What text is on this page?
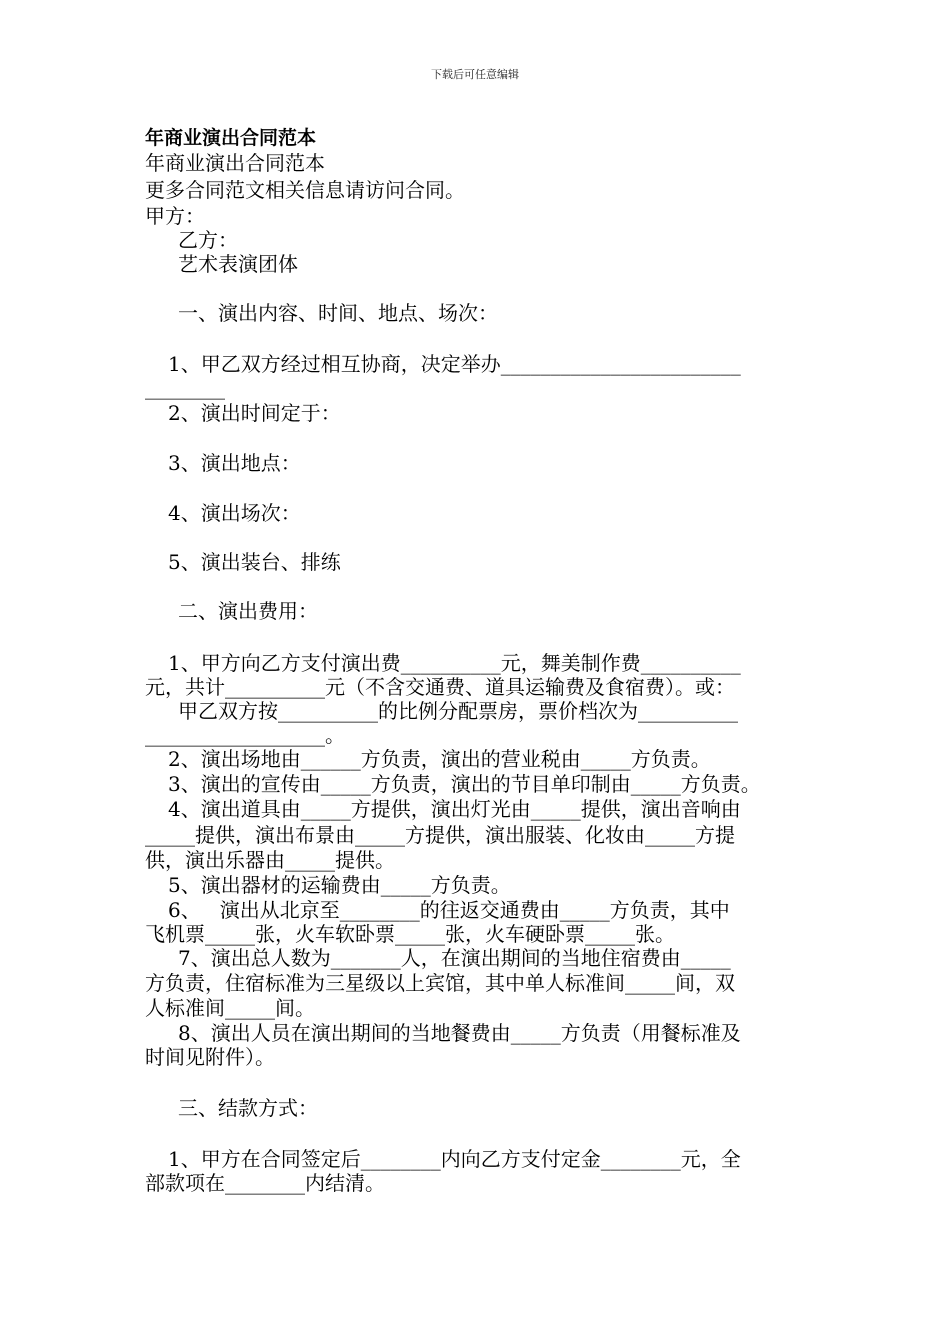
下载后可任意编辑
年商业演出合同范本
年商业演出合同范本
更多合同范文相关信息请访问合同。
甲方：
乙方：
艺术表演团体
一、演出内容、时间、地点、场次：
1、甲乙双方经过相互协商，决定举办________________________
________
2、演出时间定于：
3、演出地点：
4、演出场次：
5、演出装台、排练
二、演出费用：
1、甲方向乙方支付演出费__________元，舞美制作费__________
元，共计__________元（不含交通费、道具运输费及食宿费）。或：
甲乙双方按__________的比例分配票房，票价档次为__________
__________________。
2、演出场地由______方负责，演出的营业税由_____方负责。
3、演出的宣传由_____方负责，演出的节目单印制由_____方负责。
4、演出道具由_____方提供，演出灯光由_____提供，演出音响由
_____提供，演出布景由_____方提供，演出服装、化妆由_____方提
供，演出乐器由_____提供。
5、演出器材的运输费由_____方负责。
6、   演出从北京至________的往返交通费由_____方负责，其中
飞机票_____张，火车软卧票_____张，火车硬卧票_____张。
7、演出总人数为_______人，在演出期间的当地住宿费由_____
方负责，住宿标准为三星级以上宾馆，其中单人标准间_____间，双
人标准间_____间。
8、演出人员在演出期间的当地餐费由_____方负责（用餐标准及
时间见附件）。
三、结款方式：
1、甲方在合同签定后________内向乙方支付定金________元，全
部款项在________内结清。
